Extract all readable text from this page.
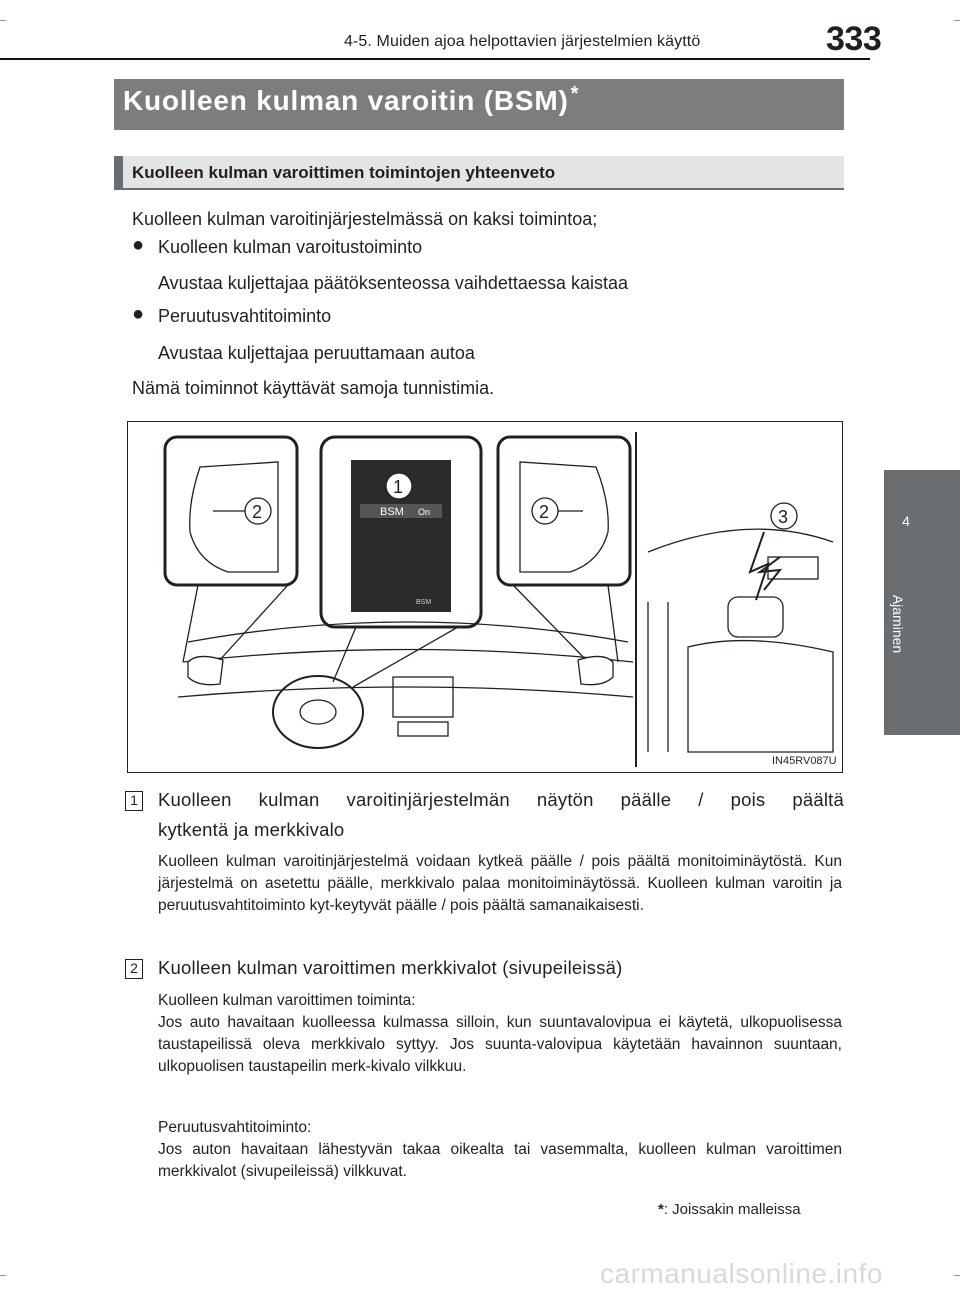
4-5. Muiden ajoa helpottavien järjestelmien käyttö	333
4
Ajaminen
Kuolleen kulman varoitin (BSM) *
Kuolleen kulman varoittimen toimintojen yhteenveto
Kuolleen kulman varoitinjärjestelmässä on kaksi toimintoa;
● Kuolleen kulman varoitustoiminto
Avustaa kuljettajaa päätöksenteossa vaihdettaessa kaistaa
● Peruutusvahtitoiminto
Avustaa kuljettajaa peruuttamaan autoa
Nämä toiminnot käyttävät samoja tunnistimia.
BSM On
BSM
1
2	2	3
IN45RV087U
1 Kuolleen kulman varoitinjärjestelmän näytön päälle / pois päältä
kytkentä ja merkkivalo
Kuolleen kulman varoitinjärjestelmä voidaan kytkeä päälle / pois päältä monitoiminäytöstä. Kun järjestelmä on asetettu päälle, merkkivalo palaa monitoiminäytössä. Kuolleen kulman varoitin ja peruutusvahtitoiminto kyt-keytyvät päälle / pois päältä samanaikaisesti.
2 Kuolleen kulman varoittimen merkkivalot (sivupeileissä)
Kuolleen kulman varoittimen toiminta:
Jos auto havaitaan kuolleessa kulmassa silloin, kun suuntavalovipua ei käytetä, ulkopuolisessa taustapeilissä oleva merkkivalo syttyy. Jos suunta-valovipua käytetään havainnon suuntaan, ulkopuolisen taustapeilin merk-kivalo vilkkuu.
Peruutusvahtitoiminto:
Jos auton havaitaan lähestyvän takaa oikealta tai vasemmalta, kuolleen kulman varoittimen merkkivalot (sivupeileissä) vilkkuvat.
*: Joissakin malleissa
carmanualsonline.info
